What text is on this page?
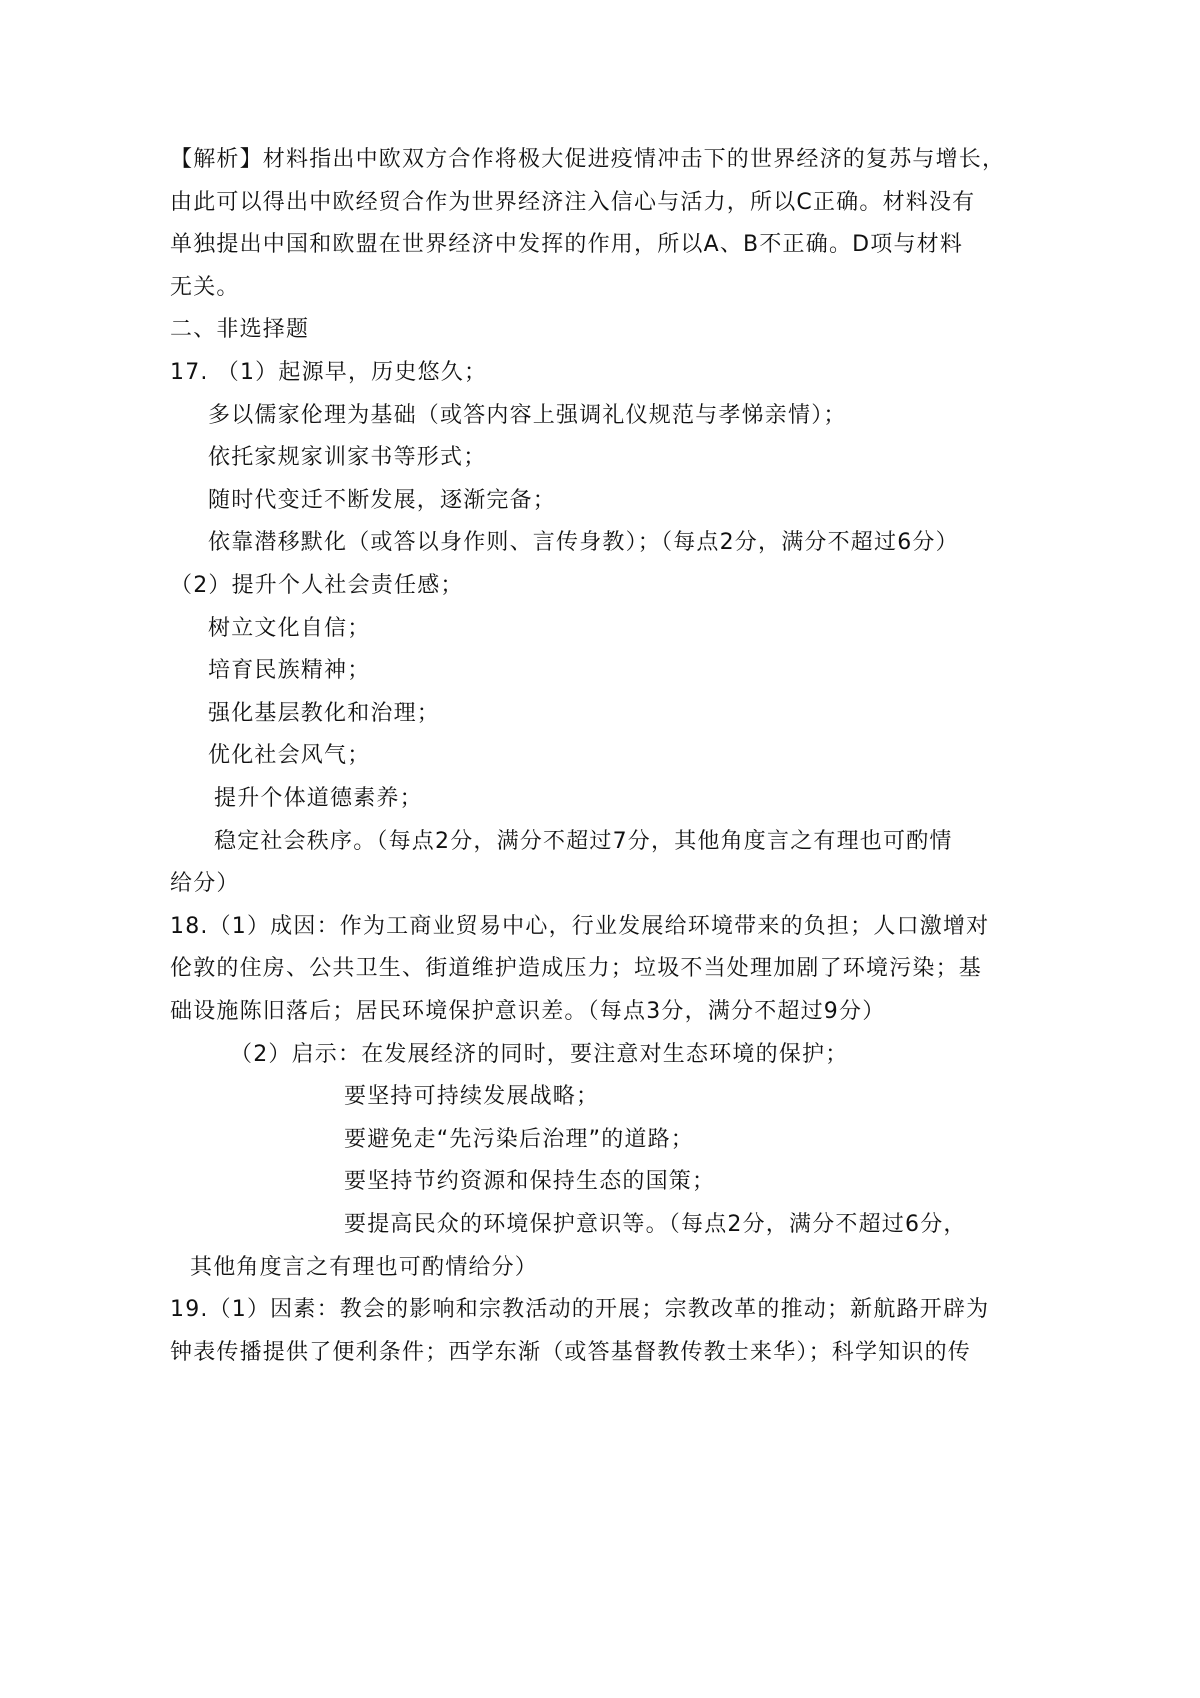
【解析】材料指出中欧双方合作将极大促进疫情冲击下的世界经济的复苏与增长，
由此可以得出中欧经贸合作为世界经济注入信心与活力，所以C正确。材料没有
单独提出中国和欧盟在世界经济中发挥的作用，所以A、B不正确。D项与材料
无关。
二、非选择题
17. （1）起源早，历史悠久；
多以儒家伦理为基础（或答内容上强调礼仪规范与孝悌亲情）；
依托家规家训家书等形式；
随时代变迁不断发展，逐渐完备；
依靠潜移默化（或答以身作则、言传身教）；（每点2分，满分不超过6分）
（2）提升个人社会责任感；
树立文化自信；
培育民族精神；
强化基层教化和治理；
优化社会风气；
提升个体道德素养；
稳定社会秩序。（每点2分，满分不超过7分，其他角度言之有理也可酌情
给分）
18.（1）成因：作为工商业贸易中心，行业发展给环境带来的负担；人口激增对
伦敦的住房、公共卫生、街道维护造成压力；垃圾不当处理加剧了环境污染；基
础设施陈旧落后；居民环境保护意识差。（每点3分，满分不超过9分）
（2）启示：在发展经济的同时，要注意对生态环境的保护；
要坚持可持续发展战略；
要避免走“先污染后治理”的道路；
要坚持节约资源和保持生态的国策；
要提高民众的环境保护意识等。（每点2分，满分不超过6分，
其他角度言之有理也可酌情给分）
19.（1）因素：教会的影响和宗教活动的开展；宗教改革的推动；新航路开辟为
钟表传播提供了便利条件；西学东渐（或答基督教传教士来华）；科学知识的传
